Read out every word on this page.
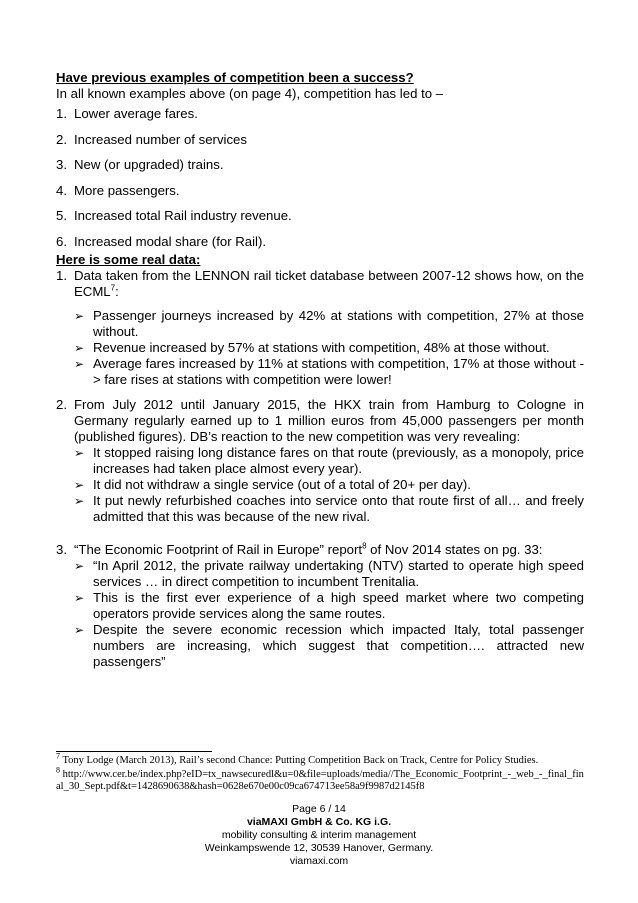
Have previous examples of competition been a success?
In all known examples above (on page 4), competition has led to –
1. Lower average fares.
2. Increased number of services
3. New (or upgraded) trains.
4. More passengers.
5. Increased total Rail industry revenue.
6. Increased modal share (for Rail).
Here is some real data:
1. Data taken from the LENNON rail ticket database between 2007-12 shows how, on the ECML$^7$:
➢ Passenger journeys increased by 42% at stations with competition, 27% at those without.
➢ Revenue increased by 57% at stations with competition, 48% at those without.
➢ Average fares increased by 11% at stations with competition, 17% at those without -> fare rises at stations with competition were lower!
2. From July 2012 until January 2015, the HKX train from Hamburg to Cologne in Germany regularly earned up to 1 million euros from 45,000 passengers per month (published figures). DB’s reaction to the new competition was very revealing:
➢ It stopped raising long distance fares on that route (previously, as a monopoly, price increases had taken place almost every year).
➢ It did not withdraw a single service (out of a total of 20+ per day).
➢ It put newly refurbished coaches into service onto that route first of all… and freely admitted that this was because of the new rival.
3. “The Economic Footprint of Rail in Europe” report$^8$ of Nov 2014 states on pg. 33:
➢ “In April 2012, the private railway undertaking (NTV) started to operate high speed services … in direct competition to incumbent Trenitalia.
➢ This is the first ever experience of a high speed market where two competing operators provide services along the same routes.
➢ Despite the severe economic recession which impacted Italy, total passenger numbers are increasing, which suggest that competition…. attracted new passengers”
$^7$ Tony Lodge (March 2013), Rail’s second Chance: Putting Competition Back on Track, Centre for Policy Studies.
$^8$ http://www.cer.be/index.php?eID=tx_nawsecuredl&u=0&file=uploads/media//The_Economic_Footprint_-_web_-_final_final_30_Sept.pdf&t=1428690638&hash=0628e670e00c09ca674713ee58a9f9987d2145f8
Page 6 / 14
viaMAXI GmbH & Co. KG i.G.
mobility consulting & interim management
Weinkampswende 12, 30539 Hanover, Germany.
viamaxi.com
